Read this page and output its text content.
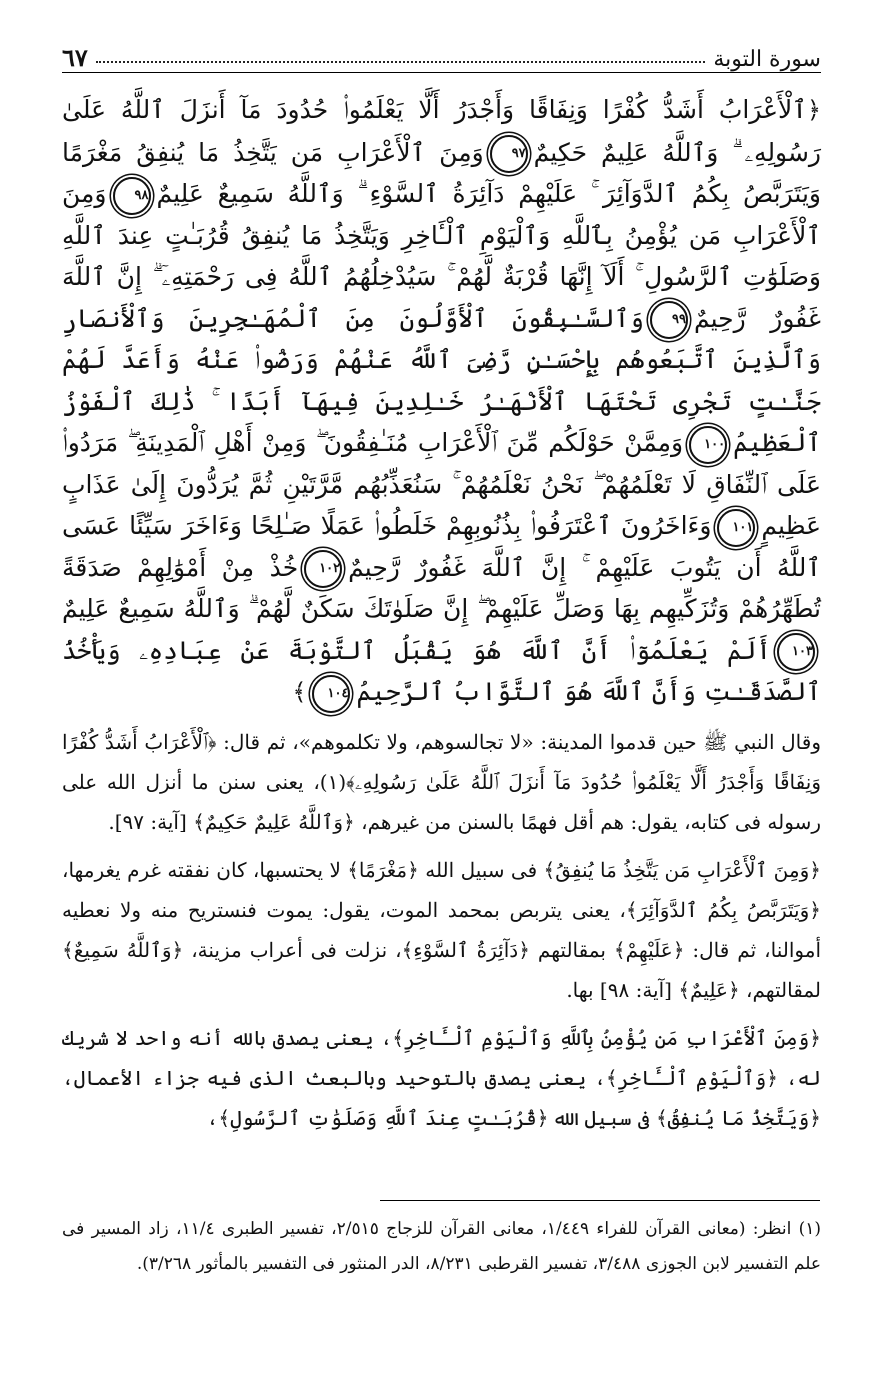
سورة التوبة
٦٧

﴿ٱلْأَعْرَابُ أَشَدُّ كُفْرًا وَنِفَاقًا وَأَجْدَرُ أَلَّا يَعْلَمُوا۟ حُدُودَ مَآ أَنزَلَ ٱللَّهُ عَلَىٰ رَسُولِهِۦ ۗ وَٱللَّهُ عَلِيمٌ حَكِيمٌ٩٧وَمِنَ ٱلْأَعْرَابِ مَن يَتَّخِذُ مَا يُنفِقُ مَغْرَمًا وَيَتَرَبَّصُ بِكُمُ ٱلدَّوَآئِرَ ۚ عَلَيْهِمْ دَآئِرَةُ ٱلسَّوْءِ ۗ وَٱللَّهُ سَمِيعٌ عَلِيمٌ٩٨وَمِنَ ٱلْأَعْرَابِ مَن يُؤْمِنُ بِٱللَّهِ وَٱلْيَوْمِ ٱلْـَٔاخِرِ وَيَتَّخِذُ مَا يُنفِقُ قُرُبَـٰتٍ عِندَ ٱللَّهِ وَصَلَوَٰتِ ٱلرَّسُولِ ۚ أَلَآ إِنَّهَا قُرْبَةٌ لَّهُمْ ۚ سَيُدْخِلُهُمُ ٱللَّهُ فِى رَحْمَتِهِۦٓ ۗ إِنَّ ٱللَّهَ غَفُورٌ رَّحِيمٌ٩٩وَٱلسَّـٰبِقُونَ ٱلْأَوَّلُونَ مِنَ ٱلْمُهَـٰجِرِينَ وَٱلْأَنصَارِ وَٱلَّذِينَ ٱتَّبَعُوهُم بِإِحْسَـٰنٍ رَّضِىَ ٱللَّهُ عَنْهُمْ وَرَضُوا۟ عَنْهُ وَأَعَدَّ لَهُمْ جَنَّـٰتٍ تَجْرِى تَحْتَهَا ٱلْأَنْهَـٰرُ خَـٰلِدِينَ فِيهَآ أَبَدًا ۚ ذَٰلِكَ ٱلْفَوْزُ ٱلْعَظِيمُ١٠٠وَمِمَّنْ حَوْلَكُم مِّنَ ٱلْأَعْرَابِ مُنَـٰفِقُونَ ۖ وَمِنْ أَهْلِ ٱلْمَدِينَةِ ۖ مَرَدُوا۟ عَلَى ٱلنِّفَاقِ لَا تَعْلَمُهُمْ ۖ نَحْنُ نَعْلَمُهُمْ ۚ سَنُعَذِّبُهُم مَّرَّتَيْنِ ثُمَّ يُرَدُّونَ إِلَىٰ عَذَابٍ عَظِيمٍ١٠١وَءَاخَرُونَ ٱعْتَرَفُوا۟ بِذُنُوبِهِمْ خَلَطُوا۟ عَمَلًا صَـٰلِحًا وَءَاخَرَ سَيِّئًا عَسَى ٱللَّهُ أَن يَتُوبَ عَلَيْهِمْ ۚ إِنَّ ٱللَّهَ غَفُورٌ رَّحِيمٌ١٠٢خُذْ مِنْ أَمْوَٰلِهِمْ صَدَقَةً تُطَهِّرُهُمْ وَتُزَكِّيهِم بِهَا وَصَلِّ عَلَيْهِمْ ۖ إِنَّ صَلَوٰتَكَ سَكَنٌ لَّهُمْ ۗ وَٱللَّهُ سَمِيعٌ عَلِيمٌ١٠٣أَلَمْ يَعْلَمُوٓا۟ أَنَّ ٱللَّهَ هُوَ يَقْبَلُ ٱلتَّوْبَةَ عَنْ عِبَادِهِۦ وَيَأْخُذُ ٱلصَّدَقَـٰتِ وَأَنَّ ٱللَّهَ هُوَ ٱلتَّوَّابُ ٱلرَّحِيمُ١٠٤﴾

وقال النبي ﷺ حين قدموا المدينة: «لا تجالسوهم، ولا تكلموهم»، ثم قال: ﴿ٱلْأَعْرَابُ أَشَدُّ كُفْرًا وَنِفَاقًا وَأَجْدَرُ أَلَّا يَعْلَمُوا۟ حُدُودَ مَآ أَنزَلَ ٱللَّهُ عَلَىٰ رَسُولِهِۦ﴾(١)، يعنى سنن ما أنزل الله على رسوله فى كتابه، يقول: هم أقل فهمًا بالسنن من غيرهم، ﴿وَٱللَّهُ عَلِيمٌ حَكِيمٌ﴾ [آية: ٩٧].

﴿وَمِنَ ٱلْأَعْرَابِ مَن يَتَّخِذُ مَا يُنفِقُ﴾ فى سبيل الله ﴿مَغْرَمًا﴾ لا يحتسبها، كان نفقته غرم يغرمها، ﴿وَيَتَرَبَّصُ بِكُمُ ٱلدَّوَآئِرَ﴾، يعنى يتربص بمحمد الموت، يقول: يموت فنستريح منه ولا نعطيه أموالنا، ثم قال: ﴿عَلَيْهِمْ﴾ بمقالتهم ﴿دَآئِرَةُ ٱلسَّوْءِ﴾، نزلت فى أعراب مزينة، ﴿وَٱللَّهُ سَمِيعٌ﴾ لمقالتهم، ﴿عَلِيمٌ﴾ [آية: ٩٨] بها.

﴿وَمِنَ ٱلْأَعْرَابِ مَن يُؤْمِنُ بِٱللَّهِ وَٱلْيَوْمِ ٱلْـَٔاخِرِ﴾، يعنى يصدق بالله أنه واحد لا شريك له، ﴿وَٱلْيَوْمِ ٱلْـَٔاخِرِ﴾، يعنى يصدق بالتوحيد وبالبعث الذى فيه جزاء الأعمال، ﴿وَيَتَّخِذُ مَا يُنفِقُ﴾ فى سبيل الله ﴿قُرُبَـٰتٍ عِندَ ٱللَّهِ وَصَلَوَٰتِ ٱلرَّسُولِ﴾،

(١) انظر: (معانى القرآن للفراء ١/٤٤٩، معانى القرآن للزجاج ٢/٥١٥، تفسير الطبرى ١١/٤، زاد المسير فى علم التفسير لابن الجوزى ٣/٤٨٨، تفسير القرطبى ٨/٢٣١، الدر المنثور فى التفسير بالمأثور ٣/٢٦٨).
